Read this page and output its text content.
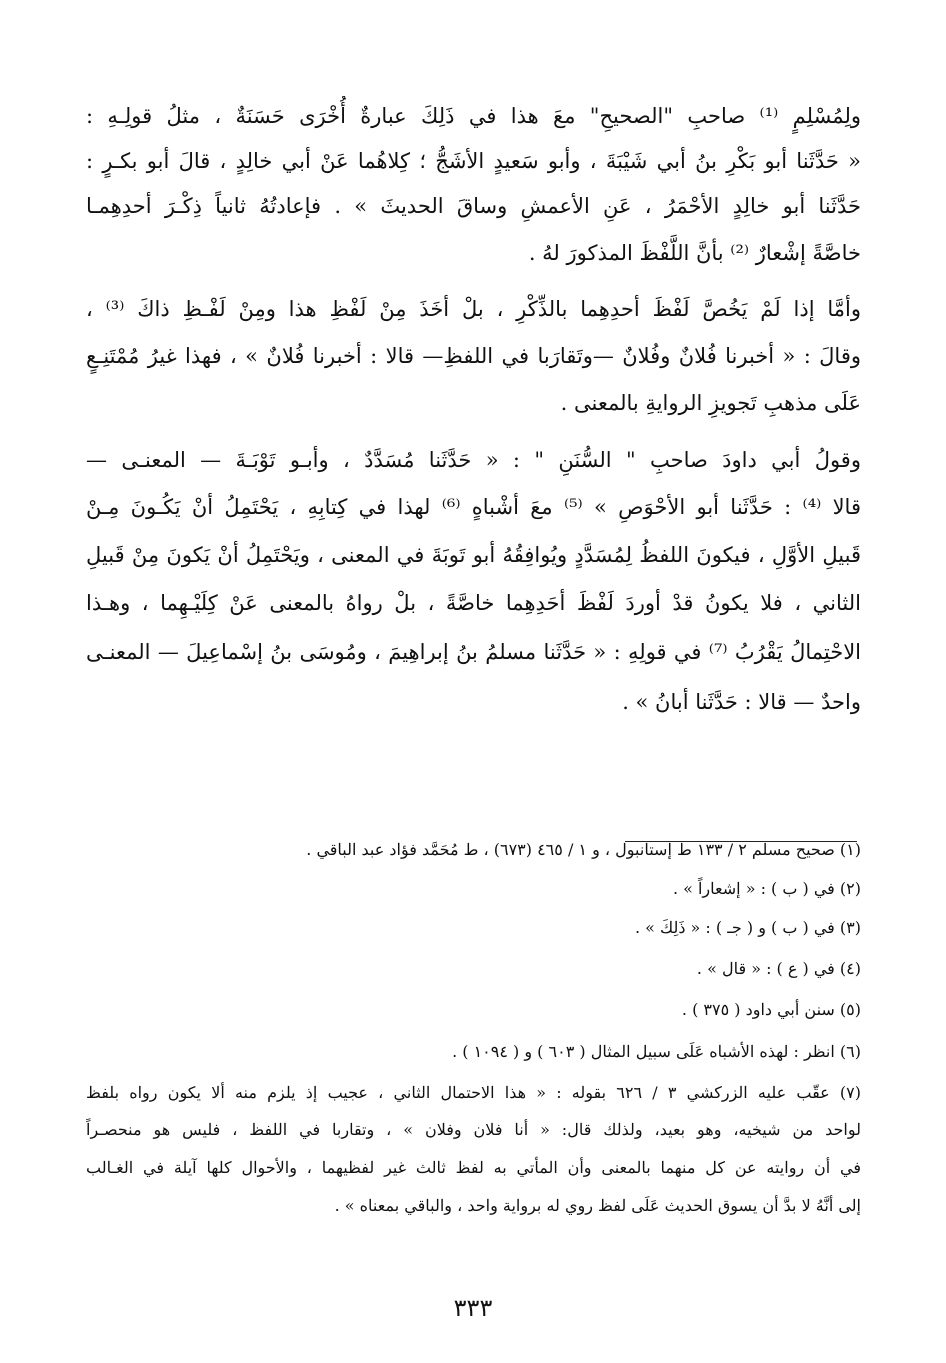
ولِمُسْلِمٍ ⁽¹⁾ صاحبِ "الصحيحِ" معَ هذا في ذَلِكَ عبارةٌ أُخْرَى حَسَنَةٌ ، مثلُ قولِـهِ :
« حَدَّثَنا أبو بَكْرِ بنُ أبي شَيْبَةَ ، وأبو سَعيدٍ الأشَجُّ ؛ كِلاهُما عَنْ أبي خالِدٍ ، قالَ أبو بكـرٍ :
حَدَّثَنا أبو خالِدٍ الأحْمَرُ ، عَنِ الأعمشِ وساقَ الحديثَ » . فإعادتُهُ ثانياً ذِكْـرَ أحدِهِمـا
خاصَّةً إشْعارٌ ⁽²⁾ بأنَّ اللَّفْظَ المذكورَ لهُ .
وأمَّا إذا لَمْ يَخُصَّ لَفْظَ أحدِهِما بالذِّكْرِ ، بلْ أخَذَ مِنْ لَفْظِ هذا ومِنْ لَفْـظِ ذاكَ ⁽³⁾ ،
وقالَ : « أخبرنا فُلانٌ وفُلانٌ —وتَقارَبا في اللفظِ— قالا : أخبرنا فُلانٌ » ، فهذا غيرُ مُمْتَنِـعٍ
عَلَى مذهبِ تَجويزِ الروايةِ بالمعنى .
وقولُ أبي داودَ صاحبِ " السُّنَنِ " : « حَدَّثَنا مُسَدَّدٌ ، وأبـو تَوْبَـةَ — المعنـى —
قالا ⁽⁴⁾ : حَدَّثَنا أبو الأحْوَصِ » ⁽⁵⁾ معَ أشْباهٍ ⁽⁶⁾ لهذا في كِتابِهِ ، يَحْتَمِلُ أنْ يَكُـونَ مِـنْ
قَبيلِ الأوَّلِ ، فيكونَ اللفظُ لِمُسَدَّدٍ ويُوافِقُهُ أبو تَوبَةَ في المعنى ، ويَحْتَمِلُ أنْ يَكونَ مِنْ قَبيلِ
الثاني ، فلا يكونُ قدْ أوردَ لَفْظَ أحَدِهِما خاصَّةً ، بلْ رواهُ بالمعنى عَنْ كِلَيْـهِما ، وهـذا
الاحْتِمالُ يَقْرُبُ ⁽⁷⁾ في قولِهِ : « حَدَّثَنا مسلمُ بنُ إبراهِيمَ ، ومُوسَى بنُ إسْماعِيلَ — المعنـى
واحدٌ — قالا : حَدَّثَنا أبانُ » .
(١) صحيح مسلم ٢ / ١٣٣ ط إستانبول ، و ١ / ٤٦٥ (٦٧٣) ، ط مُحَمَّد فؤاد عبد الباقي .
(٢) في ( ب ) : « إشعاراً » .
(٣) في ( ب ) و ( جـ ) : « ذَلِكَ » .
(٤) في ( ع ) : « قال » .
(٥) سنن أبي داود ( ٣٧٥ ) .
(٦) انظر : لهذه الأشباه عَلَى سبيل المثال ( ٦٠٣ ) و ( ١٠٩٤ ) .
(٧) عقّب عليه الزركشي ٣ / ٦٢٦ بقوله : « هذا الاحتمال الثاني ، عجيب إذ يلزم منه ألا يكون رواه بلفظ
لواحد من شيخيه، وهو بعيد، ولذلك قال: « أنا فلان وفلان » ، وتقاربا في اللفظ ، فليس هو منحصـراً
في أن روايته عن كل منهما بالمعنى وأن المأتي به لفظ ثالث غير لفظيهما ، والأحوال كلها آيلة في الغـالب
إلى أنَّهُ لا بدَّ أن يسوق الحديث عَلَى لفظ روي له برواية واحد ، والباقي بمعناه » .
٣٣٣
